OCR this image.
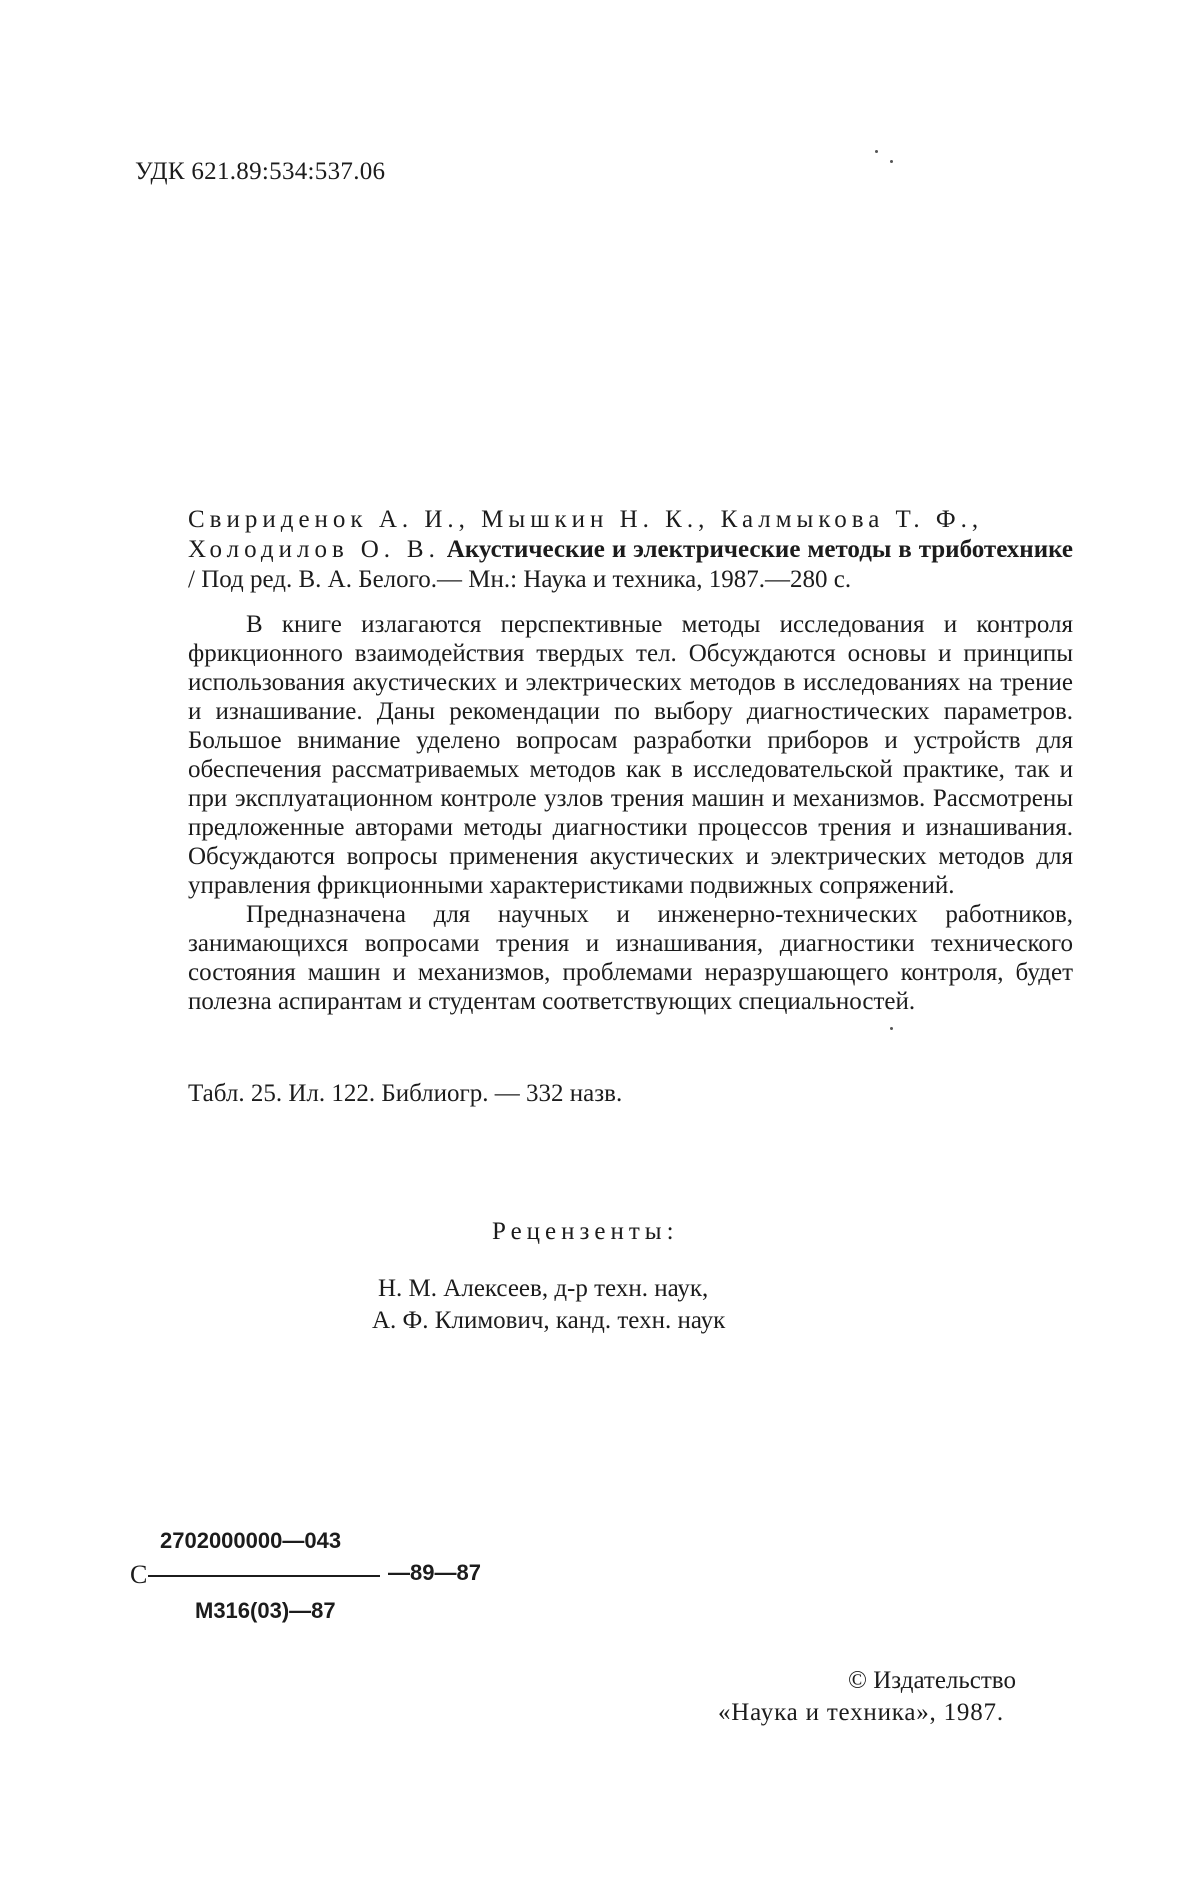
УДК 621.89:534:537.06

Свириденок А. И., Мышкин Н. К., Калмыкова Т. Ф.,
Холодилов О. В. Акустические и электрические методы в триботехнике / Под ред. В. А. Белого.— Мн.: Наука и техника, 1987.—280 с.

В книге излагаются перспективные методы исследования и контроля фрикционного взаимодействия твердых тел. Обсуждаются основы и принципы использования акустических и электрических методов в исследованиях на трение и изнашивание. Даны рекомендации по выбору диагностических параметров. Большое внимание уделено вопросам разработки приборов и устройств для обеспечения рассматриваемых методов как в исследовательской практике, так и при эксплуатационном контроле узлов трения машин и механизмов. Рассмотрены предложенные авторами методы диагностики процессов трения и изнашивания. Обсуждаются вопросы применения акустических и электрических методов для управления фрикционными характеристиками подвижных сопряжений.

Предназначена для научных и инженерно-технических работников, занимающихся вопросами трения и изнашивания, диагностики технического состояния машин и механизмов, проблемами неразрушающего контроля, будет полезна аспирантам и студентам соответствующих специальностей.

Табл. 25. Ил. 122. Библиогр. — 332 назв.
Рецензенты:
Н. М. Алексеев, д-р техн. наук,
А. Ф. Климович, канд. техн. наук
2702000000—043
С	—89—87
М316(03)—87
© Издательство
«Наука и техника», 1987.
